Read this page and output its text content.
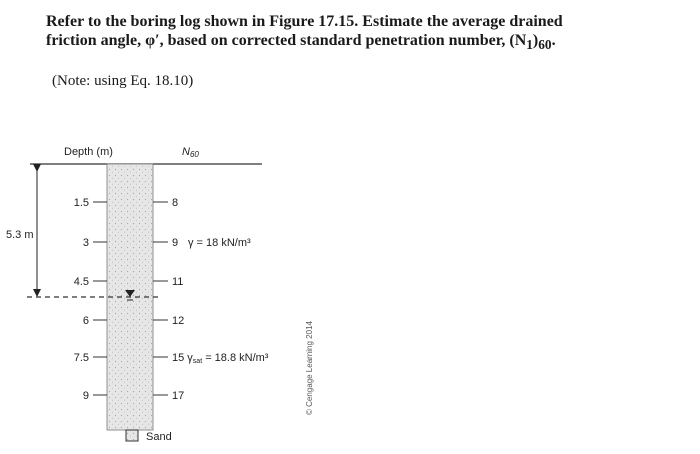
Refer to the boring log shown in Figure 17.15. Estimate the average drained
friction angle, φ′, based on corrected standard penetration number, $(N_1)_{60}$.
(Note: using Eq. 18.10)
Depth (m)	N60
5.3 m
1.5
3
4.5
6
7.5
9
8
9
11
12
17
γ = 18 kN/m³
15 γsat = 18.8 kN/m³
Sand
© Cengage Learning 2014
